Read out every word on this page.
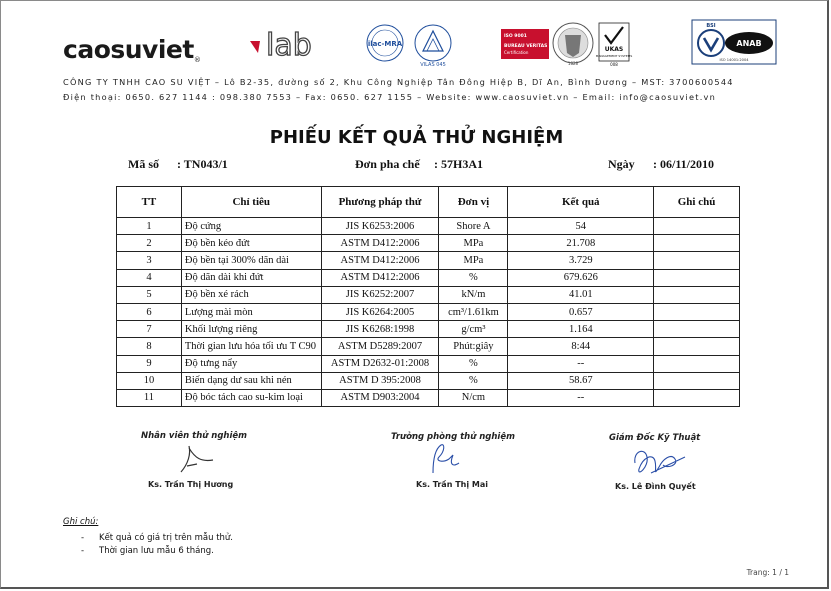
caosuviet® lab	ilac-MRA
VILAS 045
ISO 9001
BUREAU VERITAS
Certification
1828
UKAS
MANAGEMENT SYSTEMS
008
BSI
ANAB
ISO 14001:2004
CÔNG TY TNHH CAO SU VIỆT – Lô B2-35, đường số 2, Khu Công Nghiệp Tân Đông Hiệp B, Dĩ An, Bình Dương – MST: 3700600544
Điện thoại: 0650. 627 1144 : 098.380 7553 – Fax: 0650. 627 1155 – Website: www.caosuviet.vn – Email: info@caosuviet.vn
PHIẾU KẾT QUẢ THỬ NGHIỆM
Mã số : TN043/1	Đơn pha chế : 57H3A1	Ngày : 06/11/2010
TT	Chỉ tiêu	Phương pháp thử	Đơn vị	Kết quả	Ghi chú
1	Độ cứng	JIS K6253:2006	Shore A	54	
2	Độ bền kéo đứt	ASTM D412:2006	MPa	21.708	
3	Độ bền tại 300% dãn dài	ASTM D412:2006	MPa	3.729	
4	Độ dãn dài khi đứt	ASTM D412:2006	%	679.626	
5	Độ bền xé rách	JIS K6252:2007	kN/m	41.01	
6	Lượng mài mòn	JIS K6264:2005	cm³/1.61km	0.657	
7	Khối lượng riêng	JIS K6268:1998	g/cm³	1.164	
8	Thời gian lưu hóa tối ưu T C90	ASTM D5289:2007	Phút:giây	8:44	
9	Độ tưng nẩy	ASTM D2632-01:2008	%	--	
10	Biến dạng dư sau khi nén	ASTM D 395:2008	%	58.67	
11	Độ bóc tách cao su-kim loại	ASTM D903:2004	N/cm	--	
Nhân viên thử nghiệm
Ks. Trần Thị Hương
Trưởng phòng thử nghiệm
Ks. Trần Thị Mai
Giám Đốc Kỹ Thuật
Ks. Lê Đình Quyết
Ghi chú:
- Kết quả có giá trị trên mẫu thử.
- Thời gian lưu mẫu 6 tháng.
Trang: 1 / 1
